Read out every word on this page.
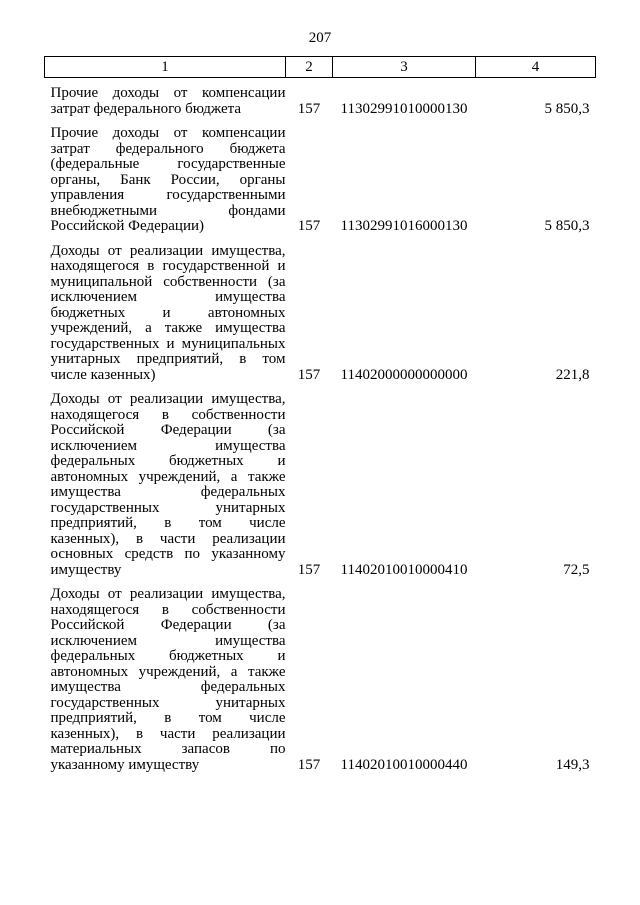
207
1	2	3	4
Прочие доходы от компенсации затрат федерального бюджета	157	11302991010000130	5 850,3
Прочие доходы от компенсации затрат федерального бюджета (федеральные государственные органы, Банк России, органы управления государственными внебюджетными фондами Российской Федерации)	157	11302991016000130	5 850,3
Доходы от реализации имущества, находящегося в государственной и муниципальной собственности (за исключением имущества бюджетных и автономных учреждений, а также имущества государственных и муниципальных унитарных предприятий, в том числе казенных)	157	11402000000000000	221,8
Доходы от реализации имущества, находящегося в собственности Российской Федерации (за исключением имущества федеральных бюджетных и автономных учреждений, а также имущества федеральных государственных унитарных предприятий, в том числе казенных), в части реализации основных средств по указанному имуществу	157	11402010010000410	72,5
Доходы от реализации имущества, находящегося в собственности Российской Федерации (за исключением имущества федеральных бюджетных и автономных учреждений, а также имущества федеральных государственных унитарных предприятий, в том числе казенных), в части реализации материальных запасов по указанному имуществу	157	11402010010000440	149,3
